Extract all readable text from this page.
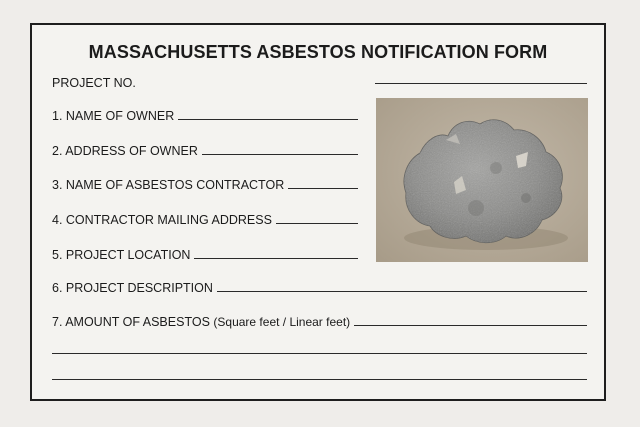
MASSACHUSETTS ASBESTOS NOTIFICATION FORM
PROJECT NO.
1. NAME OF OWNER
2. ADDRESS OF OWNER
3. NAME OF ASBESTOS CONTRACTOR
4. CONTRACTOR MAILING ADDRESS
5. PROJECT LOCATION
6. PROJECT DESCRIPTION
7. AMOUNT OF ASBESTOS (Square feet / Linear feet)
